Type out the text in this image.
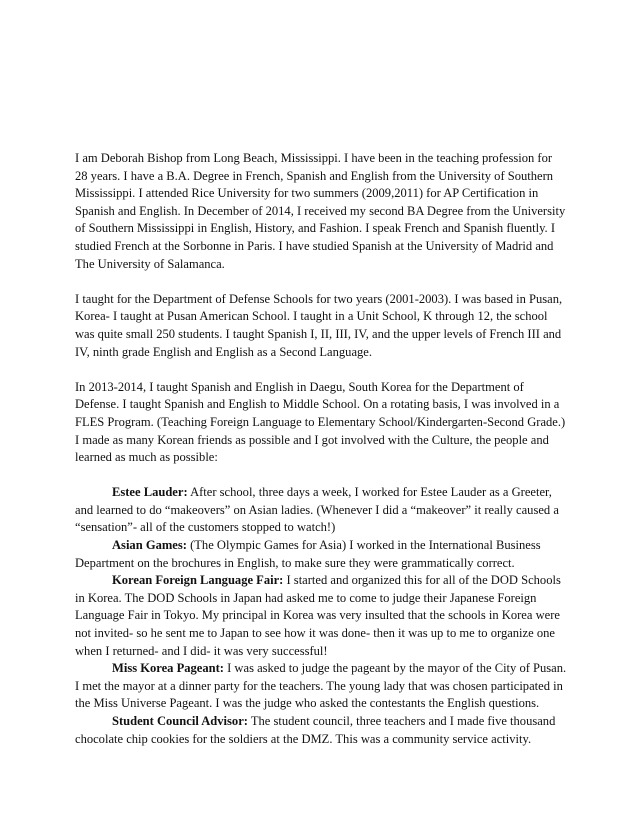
I am Deborah Bishop from Long Beach, Mississippi. I have been in the teaching profession for 28 years. I have a B.A. Degree in French, Spanish and English from the University of Southern Mississippi. I attended Rice University for two summers (2009,2011) for AP Certification in Spanish and English. In December of 2014, I received my second BA Degree from the University of Southern Mississippi in English, History, and Fashion. I speak French and Spanish fluently. I studied French at the Sorbonne in Paris. I have studied Spanish at the University of Madrid and The University of Salamanca.

I taught for the Department of Defense Schools for two years (2001-2003). I was based in Pusan, Korea- I taught at Pusan American School. I taught in a Unit School, K through 12, the school was quite small 250 students. I taught Spanish I, II, III, IV, and the upper levels of French III and IV, ninth grade English and English as a Second Language.

In 2013-2014, I taught Spanish and English in Daegu, South Korea for the Department of Defense. I taught Spanish and English to Middle School. On a rotating basis, I was involved in a FLES Program. (Teaching Foreign Language to Elementary School/Kindergarten-Second Grade.) I made as many Korean friends as possible and I got involved with the Culture, the people and learned as much as possible:

Estee Lauder: After school, three days a week, I worked for Estee Lauder as a Greeter, and learned to do “makeovers” on Asian ladies. (Whenever I did a “makeover” it really caused a “sensation”- all of the customers stopped to watch!)

Asian Games: (The Olympic Games for Asia) I worked in the International Business Department on the brochures in English, to make sure they were grammatically correct.

Korean Foreign Language Fair: I started and organized this for all of the DOD Schools in Korea. The DOD Schools in Japan had asked me to come to judge their Japanese Foreign Language Fair in Tokyo. My principal in Korea was very insulted that the schools in Korea were not invited- so he sent me to Japan to see how it was done- then it was up to me to organize one when I returned- and I did- it was very successful!

Miss Korea Pageant: I was asked to judge the pageant by the mayor of the City of Pusan. I met the mayor at a dinner party for the teachers. The young lady that was chosen participated in the Miss Universe Pageant. I was the judge who asked the contestants the English questions.

Student Council Advisor: The student council, three teachers and I made five thousand chocolate chip cookies for the soldiers at the DMZ. This was a community service activity.
